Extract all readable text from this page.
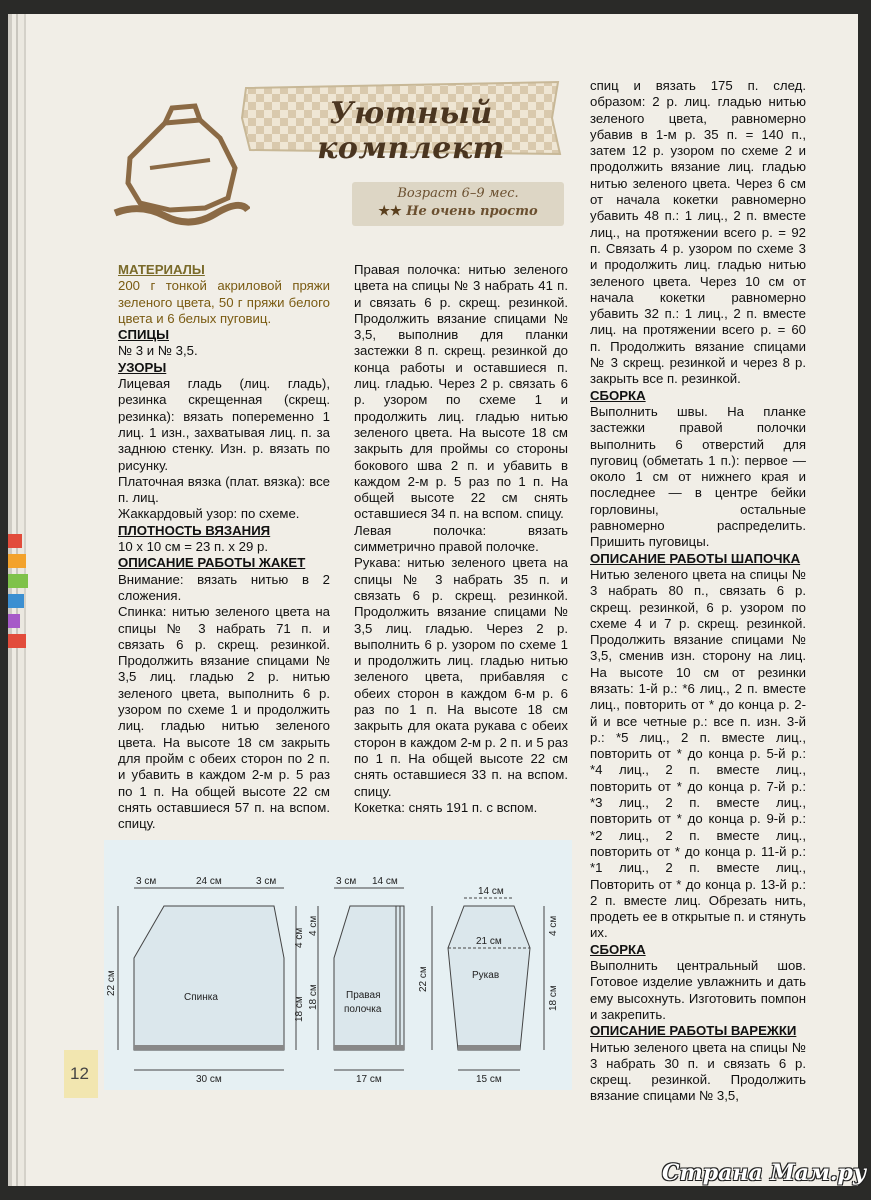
Уютный комплект
Возраст 6–9 мес.
★★ Не очень просто

МАТЕРИАЛЫ

200 г тонкой акриловой пряжи зеленого цвета, 50 г пряжи белого цвета и 6 белых пуговиц.

СПИЦЫ

№ 3 и № 3,5.

УЗОРЫ

Лицевая гладь (лиц. гладь), резинка скрещенная (скрещ. резинка): вязать попеременно 1 лиц. 1 изн., захватывая лиц. п. за заднюю стенку. Изн. р. вязать по рисунку.

Платочная вязка (плат. вязка): все п. лиц.

Жаккардовый узор: по схеме.

ПЛОТНОСТЬ ВЯЗАНИЯ

10 х 10 см = 23 п. х 29 р.

ОПИСАНИЕ РАБОТЫ ЖАКЕТ

Внимание: вязать нитью в 2 сложения.

Спинка: нитью зеленого цвета на спицы № 3 набрать 71 п. и связать 6 р. скрещ. резинкой. Продолжить вязание спицами № 3,5 лиц. гладью 2 р. нитью зеленого цвета, выполнить 6 р. узором по схеме 1 и продолжить лиц. гладью нитью зеленого цвета. На высоте 18 см закрыть для пройм с обеих сторон по 2 п. и убавить в каждом 2-м р. 5 раз по 1 п. На общей высоте 22 см снять оставшиеся 57 п. на вспом. спицу.

Правая полочка: нитью зеленого цвета на спицы № 3 набрать 41 п. и связать 6 р. скрещ. резинкой. Продолжить вязание спицами № 3,5, выполнив для планки застежки 8 п. скрещ. резинкой до конца работы и оставшиеся п. лиц. гладью. Через 2 р. связать 6 р. узором по схеме 1 и продолжить лиц. гладью нитью зеленого цвета. На высоте 18 см закрыть для проймы со стороны бокового шва 2 п. и убавить в каждом 2-м р. 5 раз по 1 п. На общей высоте 22 см снять оставшиеся 34 п. на вспом. спицу.

Левая полочка: вязать симметрично правой полочке.

Рукава: нитью зеленого цвета на спицы № 3 набрать 35 п. и связать 6 р. скрещ. резинкой. Продолжить вязание спицами № 3,5 лиц. гладью. Через 2 р. выполнить 6 р. узором по схеме 1 и продолжить лиц. гладью нитью зеленого цвета, прибавляя с обеих сторон в каждом 6-м р. 6 раз по 1 п. На высоте 18 см закрыть для оката рукава с обеих сторон в каждом 2-м р. 2 п. и 5 раз по 1 п. На общей высоте 22 см снять оставшиеся 33 п. на вспом. спицу.

Кокетка: снять 191 п. с вспом.

спиц и вязать 175 п. след. образом: 2 р. лиц. гладью нитью зеленого цвета, равномерно убавив в 1-м р. 35 п. = 140 п., затем 12 р. узором по схеме 2 и продолжить вязание лиц. гладью нитью зеленого цвета. Через 6 см от начала кокетки равномерно убавить 48 п.: 1 лиц., 2 п. вместе лиц., на протяжении всего р. = 92 п. Связать 4 р. узором по схеме 3 и продолжить лиц. гладью нитью зеленого цвета. Через 10 см от начала кокетки равномерно убавить 32 п.: 1 лиц., 2 п. вместе лиц. на протяжении всего р. = 60 п. Продолжить вязание спицами № 3 скрещ. резинкой и через 8 р. закрыть все п. резинкой.

СБОРКА

Выполнить швы. На планке застежки правой полочки выполнить 6 отверстий для пуговиц (обметать 1 п.): первое — около 1 см от нижнего края и последнее — в центре бейки горловины, остальные равномерно распределить. Пришить пуговицы.

ОПИСАНИЕ РАБОТЫ ШАПОЧКА

Нитью зеленого цвета на спицы № 3 набрать 80 п., связать 6 р. скрещ. резинкой, 6 р. узором по схеме 4 и 7 р. скрещ. резинкой. Продолжить вязание спицами № 3,5, сменив изн. сторону на лиц. На высоте 10 см от резинки вязать: 1-й р.: *6 лиц., 2 п. вместе лиц., повторить от * до конца р. 2-й и все четные р.: все п. изн. 3-й р.: *5 лиц., 2 п. вместе лиц., повторить от * до конца р. 5-й р.: *4 лиц., 2 п. вместе лиц., повторить от * до конца р. 7-й р.: *3 лиц., 2 п. вместе лиц., повторить от * до конца р. 9-й р.: *2 лиц., 2 п. вместе лиц., повторить от * до конца р. 11-й р.: *1 лиц., 2 п. вместе лиц., Повторить от * до конца р. 13-й р.: 2 п. вместе лиц. Обрезать нить, продеть ее в открытые п. и стянуть их.

СБОРКА

Выполнить центральный шов. Готовое изделие увлажнить и дать ему высохнуть. Изготовить помпон и закрепить.

ОПИСАНИЕ РАБОТЫ ВАРЕЖКИ

Нитью зеленого цвета на спицы № 3 набрать 30 п. и связать 6 р. скрещ. резинкой. Продолжить вязание спицами № 3,5,

Спинка
3 см	24 см	3 см
22 см
4 см
18 см
30 см
Правая
полочка
3 см 14 см
4 см
18 см
22 см
17 см
Рукав
14 см
21 см
4 см
18 см
15 см
12
Страна Мам.ру
